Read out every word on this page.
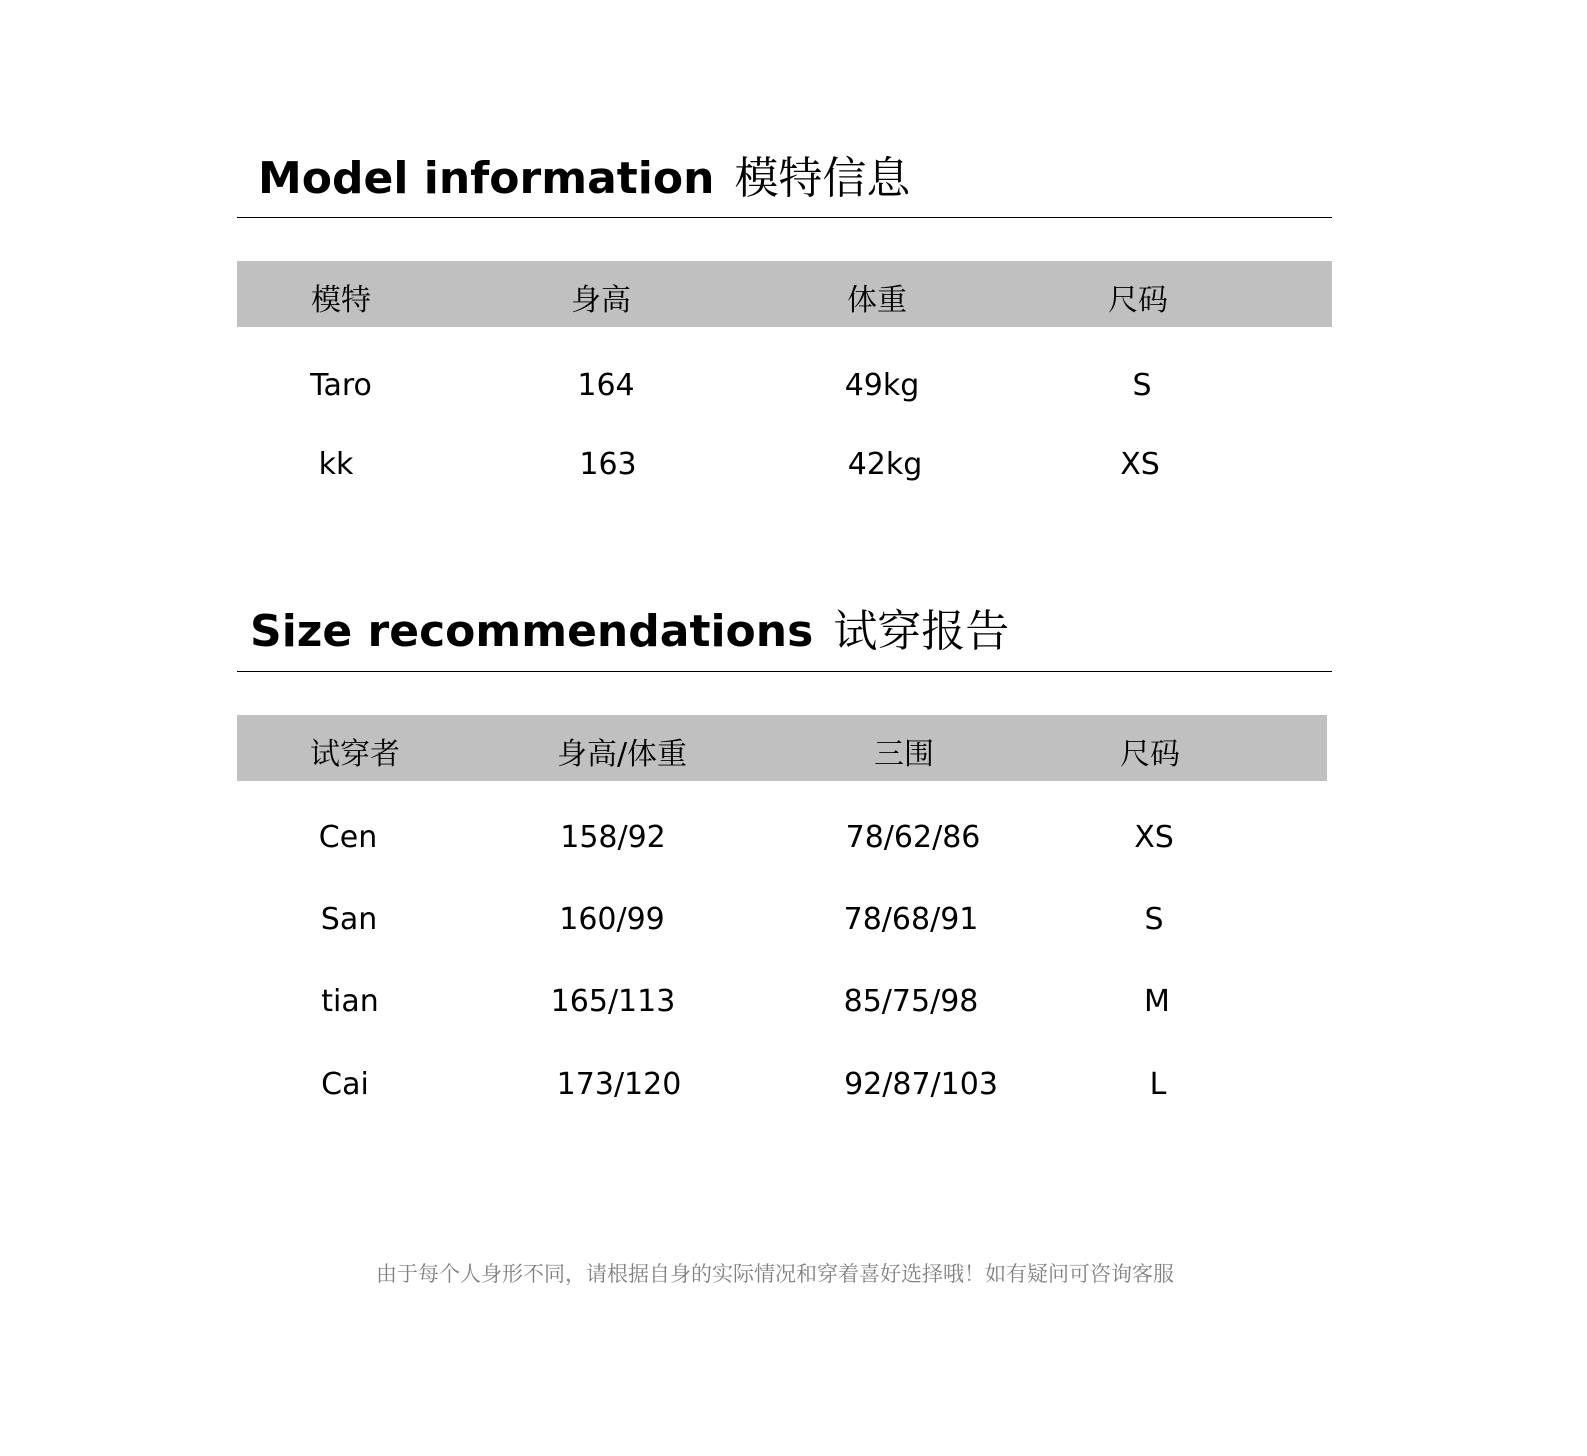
Model information 模特信息
模特	身高	体重	尺码
Taro	164	49kg	S
kk	163	42kg	XS
Size recommendations 试穿报告
试穿者	身高/体重	三围	尺码
Cen	158/92	78/62/86	XS
San	160/99	78/68/91	S
tian	165/113	85/75/98	M
Cai	173/120	92/87/103	L
由于每个人身形不同，请根据自身的实际情况和穿着喜好选择哦！如有疑问可咨询客服
